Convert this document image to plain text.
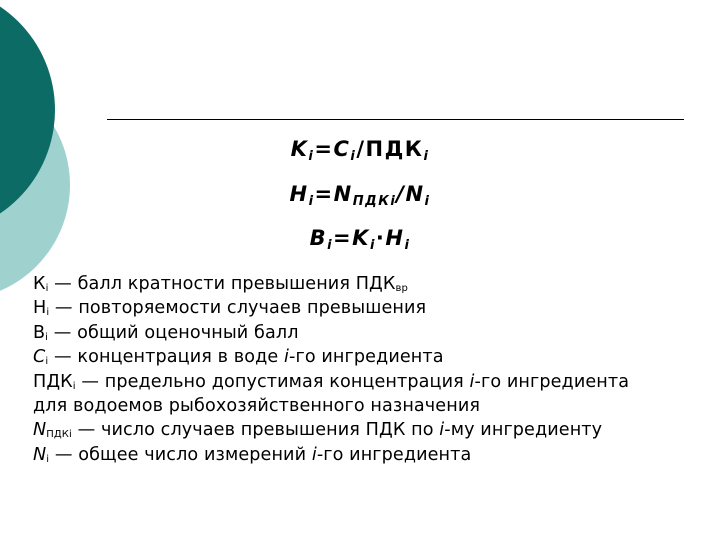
$K_i=C_i/ПДК_i$
$H_i=N_{ПДКi}/N_i$
$B_i=K_i\cdot H_i$
$К_i$ — балл кратности превышения $ПДК_{вр}$
$Н_i$ — повторяемости случаев превышения
$В_i$ — общий оценочный балл
$C_i$ — концентрация в воде i-го ингредиента
$ПДК_i$ — предельно допустимая концентрация i-го ингредиента
для водоемов рыбохозяйственного назначения
$N_{ПДКi}$ — число случаев превышения ПДК по i-му ингредиенту
$N_i$ — общее число измерений i-го ингредиента
